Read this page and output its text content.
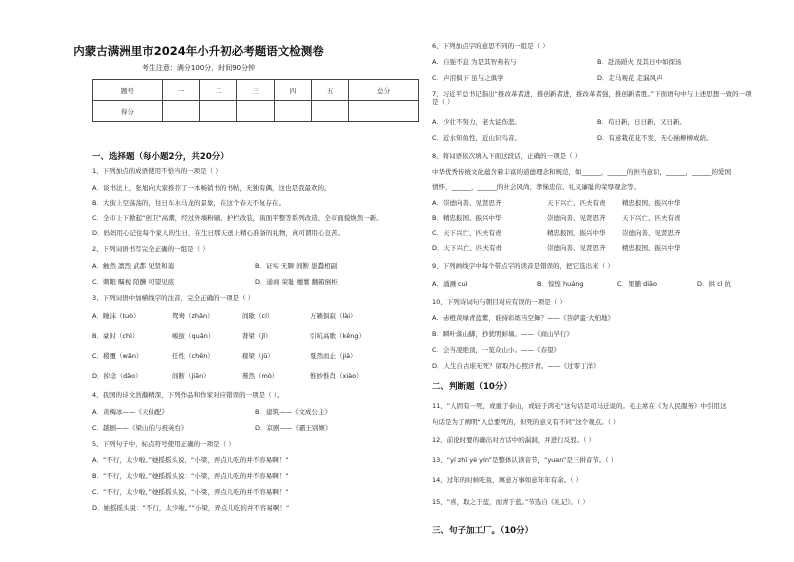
内蒙古满洲里市2024年小升初必考题语文检测卷
考生注意：满分100分，时间90分钟
题号	一	二	三	四	五	总分
得分						
一、选择题（每小题2分，共20分）
1、下列加点的成语使用不恰当的一项是（ ）
A．谈书法上，张旭向大家推荐了一本畅销书的书帖，无独有偶，这也是我最欢的。
B．大街上空荡荡的，往日车水马龙的景象，在这个春天不复存在。
C．全市上下掀起“创卫”高潮，经过外墙粉刷、护栏改装，街面平整等系列改造，全市面貌焕然一新。
D．妈妈用心记住每个家人的生日，在生日那天送上精心准备的礼物，真可谓用心良苦。
2、下列词语书写完全正确的一组是（ ）
A．触然 凛烈 武都 见贤和蔼	B．证实 无聊 间断 愚蠢相副
C．刺眼 瞩视 陌酬 可望见底	D．通商 荣耻 穗薯 翻箱倒柜
3、下列词语中加横线字的注音，完全正确的一项是（ ）
A．睡沫（tuò）	鸳鸯（zhān）	间歇（cí）	万籁俱寂（lài）
B．豪时（chì）	峻拔（quān）	肾梁（jǐ）	引吭高歌（kēng）
C．稷覆（wān）	任性（chēn）	稼梁（jǔ）	戛然而止（jiá）
D．掉念（dāo）	间断（jiān）	蓦然（mò）	惟妙惟肖（xiào）
4、我国的诗文浩瀚精深，下列作品和作家对应错误的一项是（ ）。
A．黄梅冰——《天仙配》	B．建筑——《文成公主》
C．越剧——《梁山伯与祝英台》	D．京剧——《霸王别姬》
5、下列句子中，标点符号使用正确的一项是（ ）
A．“不行，太少啦。”她摇摇头说，“小梁，弄点儿吃的并不容易啊！”
B．“不行，太少啦。”她摇摇头说：“小梁，弄点儿吃的并不容易啊！”
C．“不行，太少啦，”她摇摇头说，“小梁，弄点儿吃的并不容易啊！”
D．她摇摇头说：“不行，太少啦。”“小梁，弄点儿吃的并不容易啊！”
6、下列加点字的意思不同的一组是（ ）
A．自强不息 为是其智弗若与	B．赴汤蹈火 及其日中如探汤
C．声泪俱下 虽与之俱学	D．走马观花 走漏风声
7、习近平总书记指出“推改革者进，推创新者进，推改革者强，推创新者胜。”下面语句中与上述思想一致的一项是（ ）
A．少壮不努力，老大徒伤悲。	B．苟日新，日日新，又日新。
C．近水知鱼性，近山识鸟音。	D．有意栽花花不发，无心插柳柳成荫。
8、将词语依次填入下面这段话，正确的一项是（ ）
中华优秀传统文化蕴含着丰富的道德理念和规范，如______，______的担当意识，______，______的爱国
情怀，______，______的社会风尚，孝悌忠信、礼义廉耻的荣辱观念等。
A．崇德向善、见贤思齐	天下兴亡、匹夫有责	精忠报国、振兴中华
B．精忠报国、振兴中华	崇德向善、见贤思齐	天下兴亡、匹夫有责
C．天下兴亡、匹夫有责	精忠报国、振兴中华	崇德向善、见贤思齐
D．天下兴亡、匹夫有责	崇德向善、见贤思齐	精忠报国、振兴中华
9、下列画线字中每个带点字的读音是错误的，把它选出来（ ）
A．涌溅 cuì	B．惊惶 huáng	C．果脯 diāo	D．拱 cì 抗
10、下列诗词句与朝目对应有误的一项是（ ）
A．赤橙黄绿青蓝紫，谁持彩练当空舞？——《菩萨蛮·大柏地》
B．瞬叶落山脚，抄犹明蚌墙。——《商山早行》
C．会当凌绝顶，一览众山小。——《春望》
D．人生自古谁无死？留取丹心照汗青。——《过零丁洋》
二、判断题（10分）
11、“人固有一死，或重于泰山，或轻于鸿毛”这句话是司马迁说的。毛主席在《为人民服务》中引用这
句话是为了阐明“人总要死的，但死的意义有不同”这个观点。（ ）
12、前论时要的确出对方话中的漏洞，并进行反驳。（ ）
13、“yí zhī yè yín”是整体认读音节，“yuan”是三拼音节。（ ）
14、过年的时候吃鱼，寓意万事如意年年有余。（ ）
15、“喜，取之于蓝，而青于蓝。”节选自《礼记》。（ ）
三、句子加工厂。（10分）
